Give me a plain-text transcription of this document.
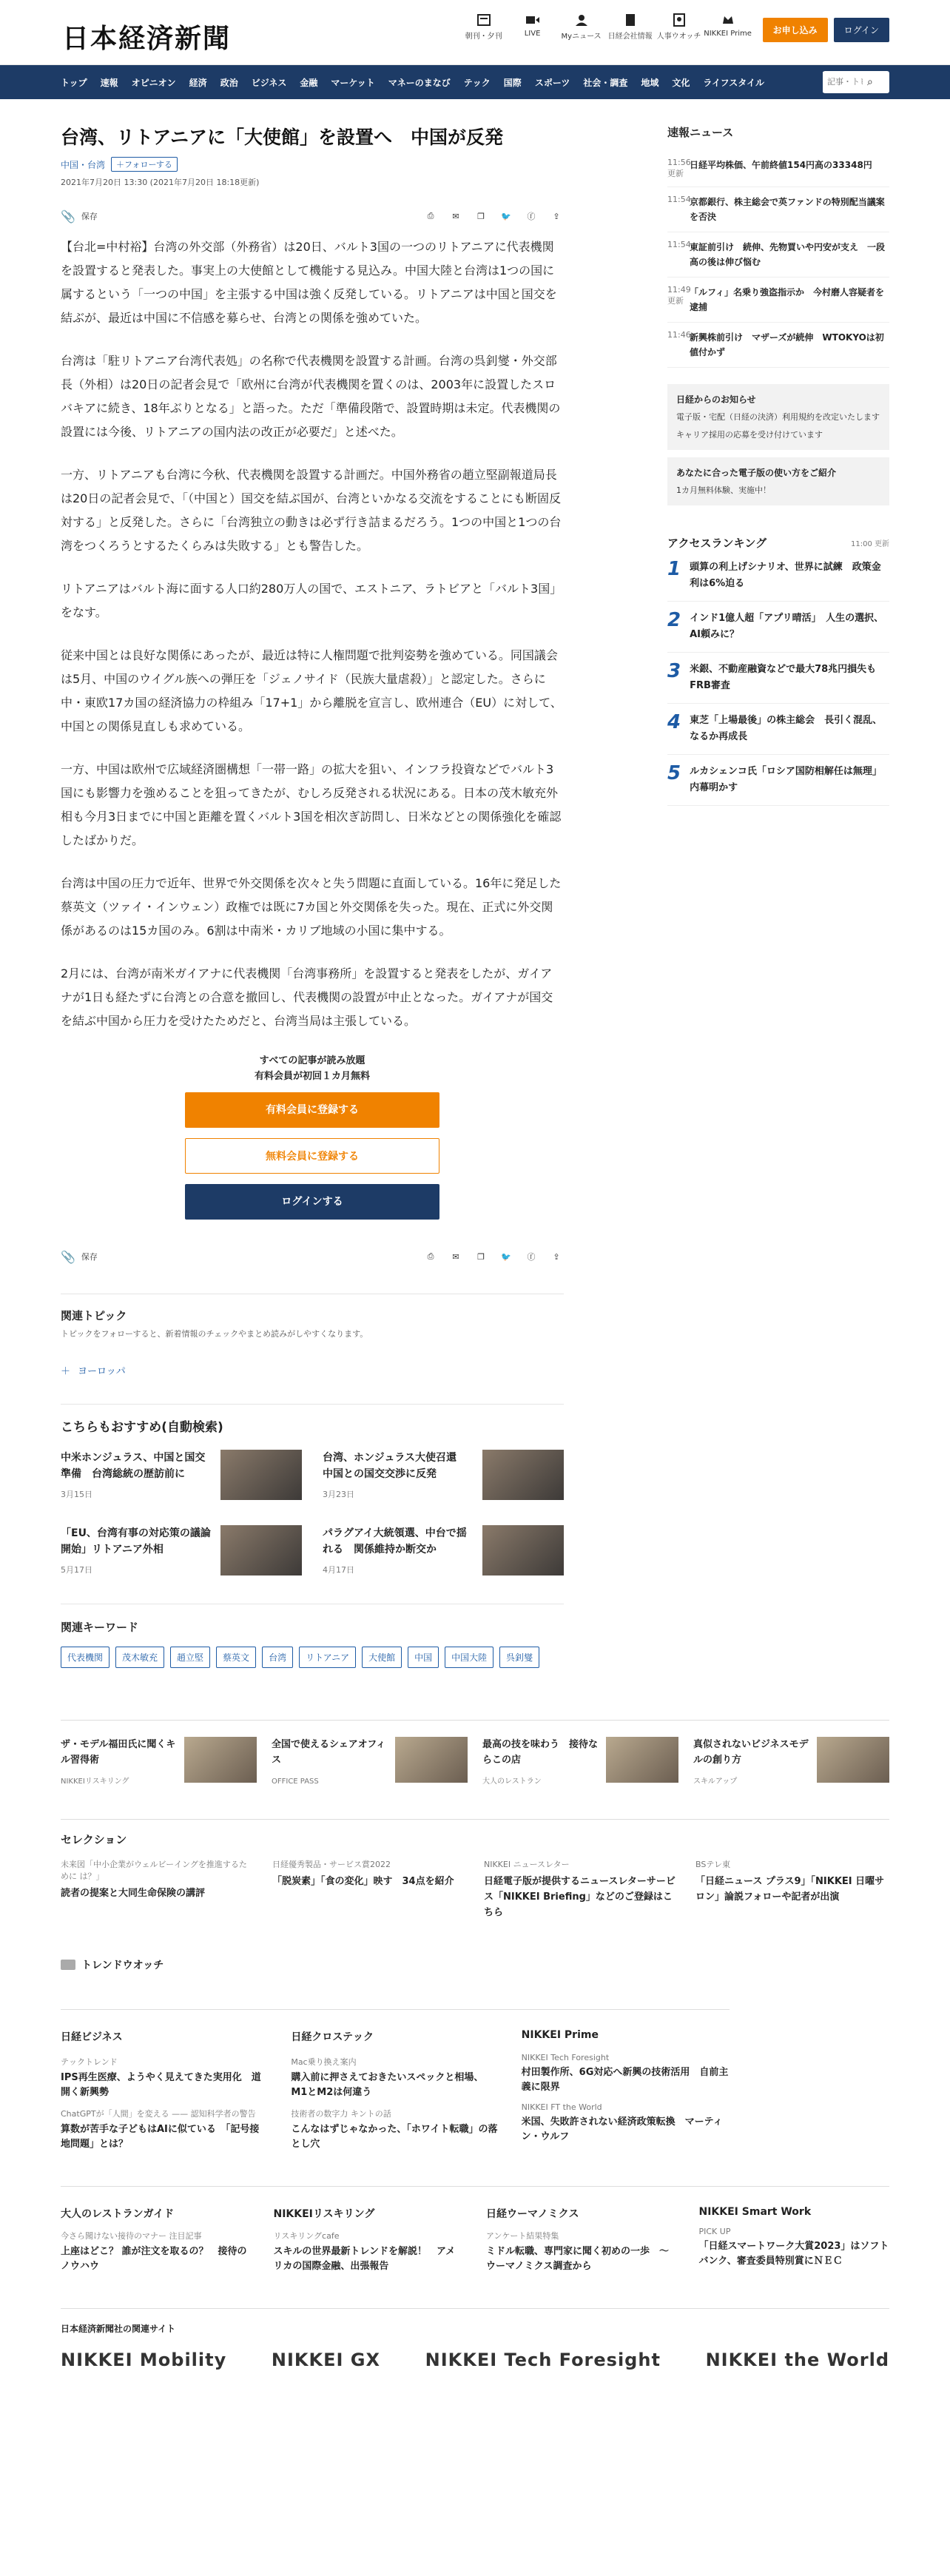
日本経済新聞	朝刊・夕刊	LIVE	Myニュース 日経会社情報 人事ウオッチ NIKKEI Prime	お申し込み	ログイン
トップ 速報 オピニオン 経済 政治 ビジネス 金融 マーケット マネーのまなび テック 国際 スポーツ 社会・調査 地域 文化 ライフスタイル
記事・トピッ	⌕
台湾、リトアニアに「大使館」を設置へ　中国が反発
中国・台湾	＋フォローする
2021年7月20日 13:30 (2021年7月20日 18:18更新)
📎 保存	⎙	✉	❐	🐦	ⓕ	⇪

【台北=中村裕】台湾の外交部（外務省）は20日、バルト3国の一つのリトアニアに代表機関を設置すると発表した。事実上の大使館として機能する見込み。中国大陸と台湾は1つの国に属するという「一つの中国」を主張する中国は強く反発している。リトアニアは中国と国交を結ぶが、最近は中国に不信感を募らせ、台湾との関係を強めていた。

台湾は「駐リトアニア台湾代表処」の名称で代表機関を設置する計画。台湾の呉釗燮・外交部長（外相）は20日の記者会見で「欧州に台湾が代表機関を置くのは、2003年に設置したスロバキアに続き、18年ぶりとなる」と語った。ただ「準備段階で、設置時期は未定。代表機関の設置には今後、リトアニアの国内法の改正が必要だ」と述べた。

一方、リトアニアも台湾に今秋、代表機関を設置する計画だ。中国外務省の趙立堅副報道局長は20日の記者会見で、「（中国と）国交を結ぶ国が、台湾といかなる交流をすることにも断固反対する」と反発した。さらに「台湾独立の動きは必ず行き詰まるだろう。1つの中国と1つの台湾をつくろうとするたくらみは失敗する」とも警告した。

リトアニアはバルト海に面する人口約280万人の国で、エストニア、ラトビアと「バルト3国」をなす。

従来中国とは良好な関係にあったが、最近は特に人権問題で批判姿勢を強めている。同国議会は5月、中国のウイグル族への弾圧を「ジェノサイド（民族大量虐殺）」と認定した。さらに中・東欧17カ国の経済協力の枠組み「17+1」から離脱を宣言し、欧州連合（EU）に対して、中国との関係見直しも求めている。

一方、中国は欧州で広域経済圏構想「一帯一路」の拡大を狙い、インフラ投資などでバルト3国にも影響力を強めることを狙ってきたが、むしろ反発される状況にある。日本の茂木敏充外相も今月3日までに中国と距離を置くバルト3国を相次ぎ訪問し、日米などとの関係強化を確認したばかりだ。

台湾は中国の圧力で近年、世界で外交関係を次々と失う問題に直面している。16年に発足した蔡英文（ツァイ・インウェン）政権では既に7カ国と外交関係を失った。現在、正式に外交関係があるのは15カ国のみ。6割は中南米・カリブ地域の小国に集中する。

2月には、台湾が南米ガイアナに代表機関「台湾事務所」を設置すると発表をしたが、ガイアナが1日も経たずに台湾との合意を撤回し、代表機関の設置が中止となった。ガイアナが国交を結ぶ中国から圧力を受けたためだと、台湾当局は主張している。

すべての記事が読み放題
有料会員が初回１カ月無料
有料会員に登録する
無料会員に登録する
ログインする
📎 保存	⎙	✉	❐	🐦	ⓕ	⇪
関連トピック
トピックをフォローすると、新着情報のチェックやまとめ読みがしやすくなります。
＋ ヨーロッパ
こちらもおすすめ(自動検索)
中米ホンジュラス、中国と国交準備　台湾総統の歴訪前に
3月15日
台湾、ホンジュラス大使召還　中国との国交交渉に反発
3月23日
「EU、台湾有事の対応策の議論開始」リトアニア外相
5月17日
パラグアイ大統領選、中台で揺れる　関係維持か断交か
4月17日
関連キーワード
代表機関	茂木敏充	趙立堅	蔡英文	台湾	リトアニア	大使館	中国	中国大陸	呉釗燮
速報ニュース
11:56
更新
日経平均株価、午前終値154円高の33348円
11:54
京都銀行、株主総会で英ファンドの特別配当議案を否決
11:54
東証前引け　続伸、先物買いや円安が支え　一段高の後は伸び悩む
11:49
更新
「ルフィ」名乗り強盗指示か　今村磨人容疑者を逮捕
11:46
新興株前引け　マザーズが続伸　WTOKYOは初値付かず
日経からのお知らせ
電子版・宅配（日経の決済）利用規約を改定いたします
キャリア採用の応募を受け付けています
あなたに合った電子版の使い方をご紹介
1カ月無料体験、実施中！
アクセスランキング	11:00 更新
1 頭算の利上げシナリオ、世界に試練　政策金利は6%迫る
2 インド1億人超「アプリ晴活」　人生の選択、AI頼みに？
3 米銀、不動産融資などで最大78兆円損失もFRB審査
4 東芝「上場最後」の株主総会　長引く混乱、なるか再成長
5 ルカシェンコ氏「ロシア国防相解任は無理」　内幕明かす
ザ・モデル福田氏に聞くキル習得術
NIKKEIリスキリング
全国で使えるシェアオフィス
OFFICE PASS
最高の技を味わう　接待ならこの店
大人のレストラン
真似されないビジネスモデルの創り方
スキルアップ
セレクション
未来図「中小企業がウェルビーイングを推進するために は？」
読者の提案と大同生命保険の講評
日経優秀製品・サービス賞2022
「脱炭素」「食の変化」映す　34点を紹介
NIKKEI ニュースレター
日経電子版が提供するニュースレターサービス「NIKKEI Briefing」などのご登録はこちら
BSテレ東
「日経ニュース プラス9」「NIKKEI 日曜サロン」論説フォローや記者が出演
トレンドウオッチ
日経ビジネス
テックトレンド
IPS再生医療、ようやく見えてきた実用化　道開く新興勢
ChatGPTが「人間」を変える —— 認知科学者の警告
算数が苦手な子どもはAIに似ている　「記号接地問題」とは？
日経クロステック
Mac乗り換え案内
購入前に押さえておきたいスペックと相場、M1とM2は何違う
技術者の数字力 キントの話
こんなはずじゃなかった、「ホワイト転職」の落とし穴
NIKKEI Prime
NIKKEI Tech Foresight
村田製作所、6G対応へ新興の技術活用　自前主義に限界
NIKKEI FT the World
米国、失敗許されない経済政策転換　マーティン・ウルフ
大人のレストランガイド
今さら聞けない接待のマナー 注目記事
上座はどこ？ 誰が注文を取るの？　接待のノウハウ
NIKKEIリスキリング
リスキリングcafe
スキルの世界最新トレンドを解説！　アメリカの国際金融、出張報告
日経ウーマノミクス
アンケート結果特集
ミドル転職、専門家に聞く初めの一歩　～ウーマノミクス調査から
NIKKEI Smart Work
PICK UP
「日経スマートワーク大賞2023」はソフトバンク、審査委員特別賞にＮＥＣ
日本経済新聞社の関連サイト
NIKKEI Mobility	NIKKEI GX	NIKKEI Tech Foresight	NIKKEI the World
